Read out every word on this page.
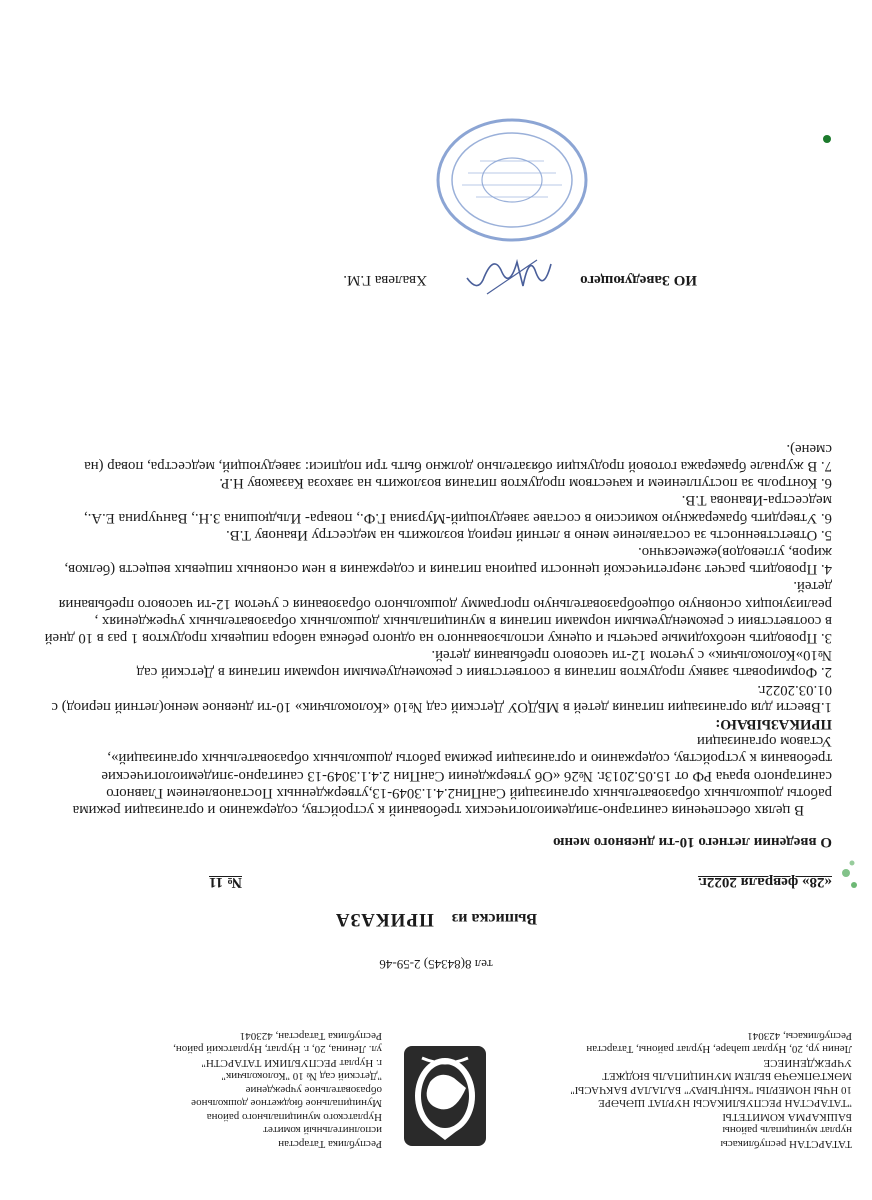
ТАТАРСТАН республикасы
нурлат муниципаль районы
БАШКАРМА КОМИТЕТЫ
"ТАТАРСТАН РЕСПУБЛИКАСЫ НУРЛАТ ШӘҺӘРЕ
10 НЧЫ НОМЕРЛЫ "КЫҢГЫРАУ" БАЛАЛАР БАКЧАСЫ"
МӘКТӘПКӘЧӘ БЕЛЕМ МУНИЦИПАЛЬ БЮДЖЕТ
УЧРЕЖДЕНИЕСЕ
Ленин ур, 20, Нурлат шәһәре, Нурлат районы, Татарстан
Республикасы, 423041
Республика Татарстан
исполнительный комитет
Нурлатского муниципального района
Муниципальное бюджетное дошкольное
образовательное учреждение
"Детский сад № 10 "Колокольчик"
г. Нурлат РЕСПУБЛИКИ ТАТАРСТН"
ул. Ленина, 20, г. Нурлат, Нурлатский район,
Республика Татарстан, 423041
тел 8(84345) 2-59-46
Выписка из ПРИКАЗА
«28» февраля 2022г.
№ 11
О введении летнего 10-ти дневного меню

В целях обеспечения санитарно-эпидемиологических требований к устройству, содержанию и организации режима работы дошкольных образовательных организаций СанПин2.4.1.3049-13,утвержденных Постановлением Главного санитарного врача РФ от 15.05.2013г. №26 «Об утверждении СанПин 2.4.1.3049-13 санитарно-эпидемиологические требования к устройству, содержанию и организации режима работы дошкольных образовательных организаций»,

Уставом организации

ПРИКАЗЫВАЮ:

1.Ввести для организации питания детей в МБДОУ Детский сад №10 «Колокольчик» 10-ти дневное меню(летний период) с 01.03.2022г.

2. Формировать заявку продуктов питания в соответствии с рекомендуемыми нормами питания в Детский сад №10»Колокольчик» с учетом 12-ти часового пребывания детей.

3. Проводить необходимые расчеты и оценку использованного на одного ребенка набора пищевых продуктов 1 раз в 10 дней в соответствии с рекомендуемыми нормами питания в муниципальных дошкольных образовательных учреждениях , реализующих основную общеобразовательную программу дошкольного образования с учетом 12-ти часового пребывания детей.

4. Проводить расчет энергетической ценности рациона питания и содержания в нем основных пищевых веществ (белков, жиров, углеводов)ежемесячно.

5. Ответственность за составление меню в летний период возложить на медсестру Иванову Т.В.

6. Утвердить бракеражную комиссию в составе заведующий-Мурзина Г.Ф., повара- Ильдюшина З.Н., Ванчурина Е.А., медсестра-Иванова Т.В.

6. Контроль за поступлением и качеством продуктов питания возложить на завхоза Казакову Н.Р.

7. В журнале бракеража готовой продукции обязательно должно быть три подписи: заведующий, медсестра, повар (на смене).

ИО Заведующего
Хвалева Г.М.
